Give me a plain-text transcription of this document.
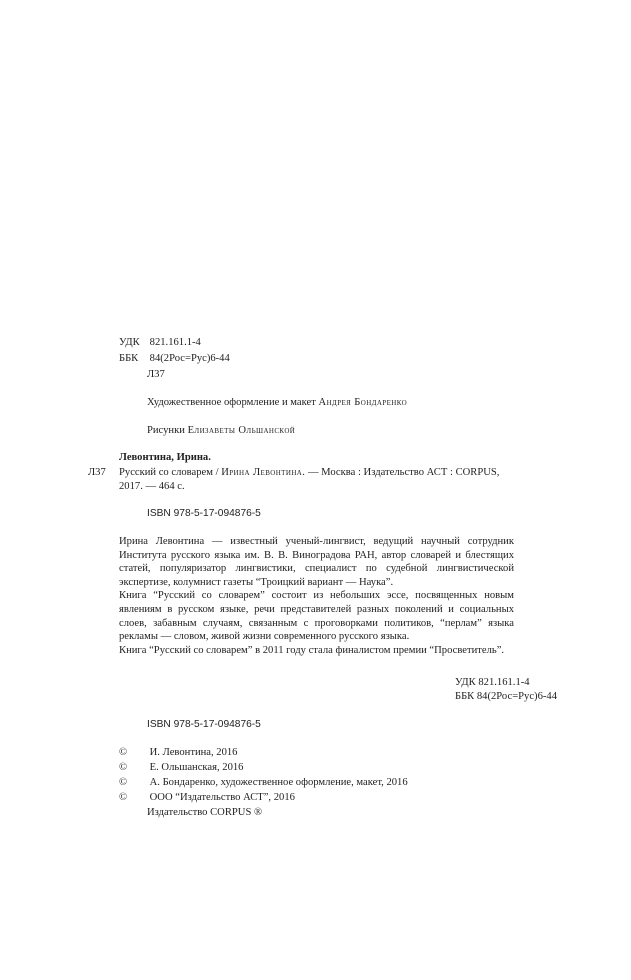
УДК 821.161.1-4
ББК 84(2Рос=Рус)6-44
Л37
Художественное оформление и макет Андрея Бондаренко
Рисунки Елизаветы Ольшанской
Левонтина, Ирина.
Л37 Русский со словарем / Ирина Левонтина. — Москва : Издательство АСТ : CORPUS,
2017. — 464 с.
ISBN 978-5-17-094876-5

Ирина Левонтина — известный ученый-лингвист, ведущий научный сотрудник Института русского языка им. В. В. Виноградова РАН, автор словарей и блестящих статей, популяризатор лингвистики, специалист по судебной лингвистической экспертизе, колумнист газеты “Троицкий вариант — Наука”.

Книга “Русский со словарем” состоит из небольших эссе, посвященных новым явлениям в русском языке, речи представителей разных поколений и социальных слоев, забавным случаям, связанным с проговорками политиков, “перлам” языка рекламы — словом, живой жизни современного русского языка.

Книга “Русский со словарем” в 2011 году стала финалистом премии “Просветитель”.

УДК 821.161.1-4
ББК 84(2Рос=Рус)6-44
ISBN 978-5-17-094876-5
© И. Левонтина, 2016
© Е. Ольшанская, 2016
© А. Бондаренко, художественное оформление, макет, 2016
© ООО “Издательство АСТ”, 2016
Издательство CORPUS ®
